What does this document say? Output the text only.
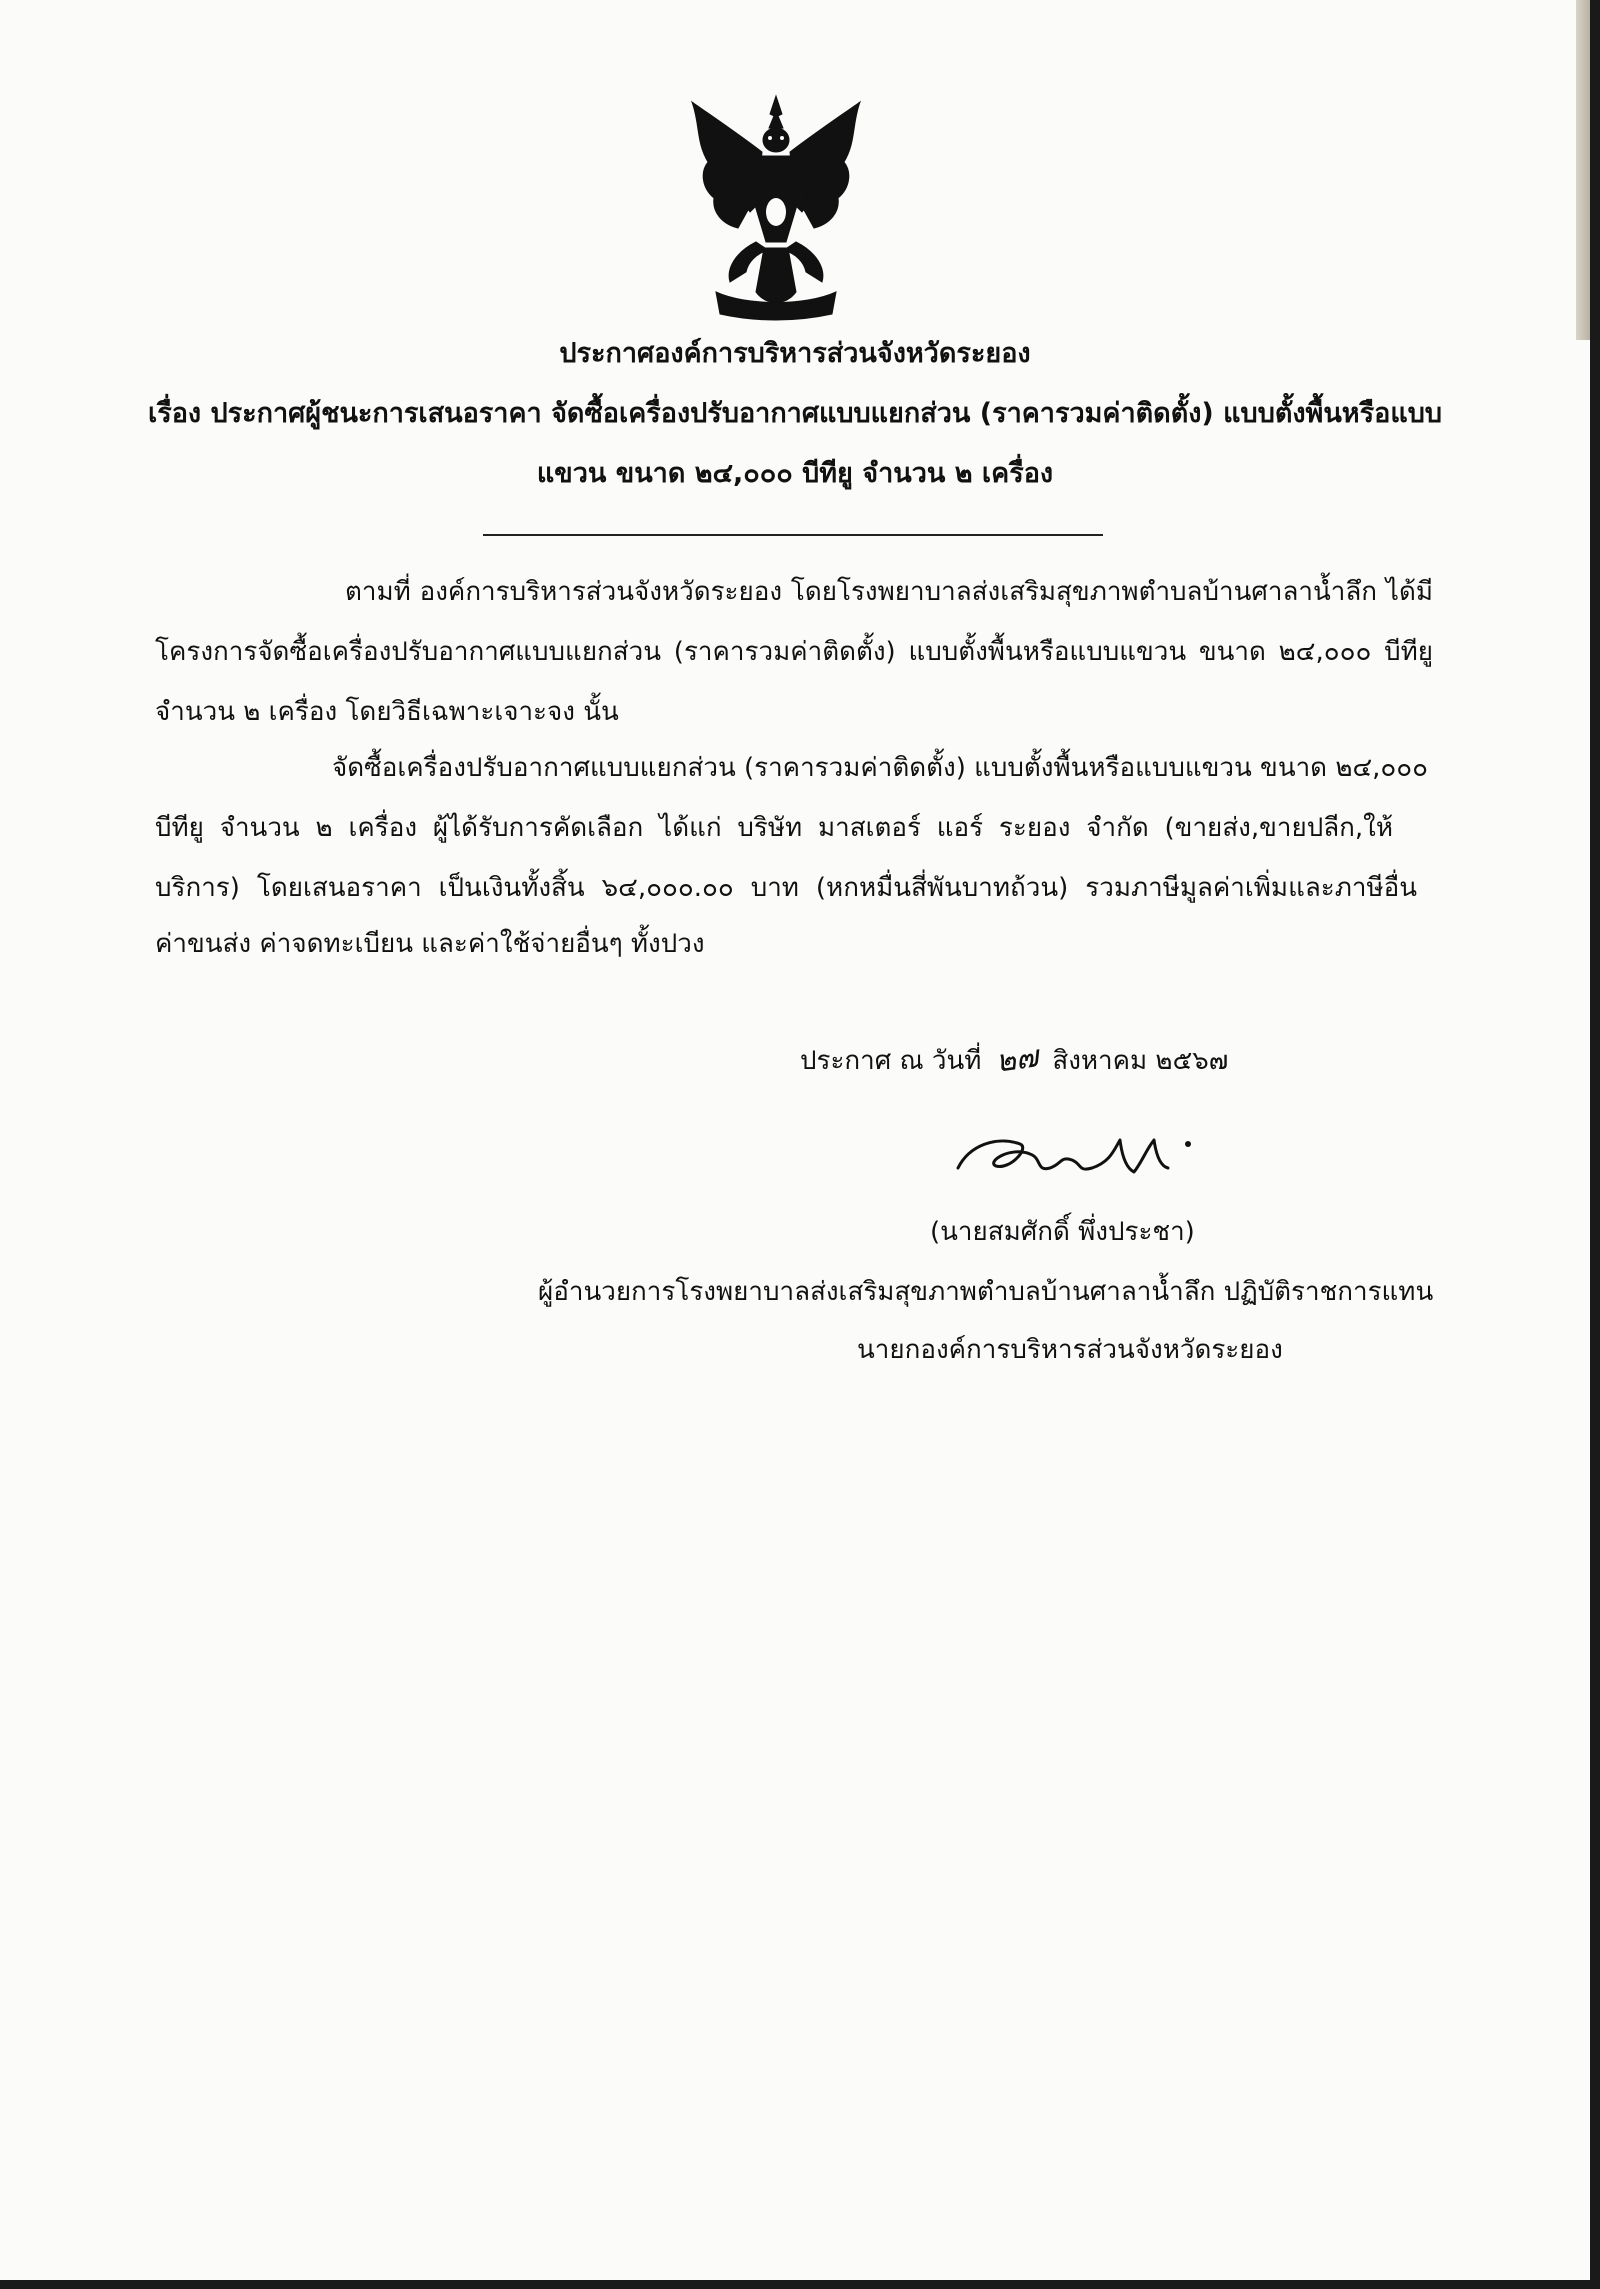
ประกาศองค์การบริหารส่วนจังหวัดระยอง
เรื่อง ประกาศผู้ชนะการเสนอราคา จัดซื้อเครื่องปรับอากาศแบบแยกส่วน (ราคารวมค่าติดตั้ง) แบบตั้งพื้นหรือแบบ
แขวน ขนาด ๒๔,๐๐๐ บีทียู จำนวน ๒ เครื่อง
ตามที่ องค์การบริหารส่วนจังหวัดระยอง โดยโรงพยาบาลส่งเสริมสุขภาพตำบลบ้านศาลาน้ำลึก ได้มี
โครงการจัดซื้อเครื่องปรับอากาศแบบแยกส่วน (ราคารวมค่าติดตั้ง) แบบตั้งพื้นหรือแบบแขวน ขนาด ๒๔,๐๐๐ บีทียู
จำนวน ๒ เครื่อง โดยวิธีเฉพาะเจาะจง นั้น
จัดซื้อเครื่องปรับอากาศแบบแยกส่วน (ราคารวมค่าติดตั้ง) แบบตั้งพื้นหรือแบบแขวน ขนาด ๒๔,๐๐๐
บีทียู จำนวน ๒ เครื่อง ผู้ได้รับการคัดเลือก ได้แก่ บริษัท มาสเตอร์ แอร์ ระยอง จำกัด (ขายส่ง,ขายปลีก,ให้
บริการ) โดยเสนอราคา เป็นเงินทั้งสิ้น ๖๔,๐๐๐.๐๐ บาท (หกหมื่นสี่พันบาทถ้วน) รวมภาษีมูลค่าเพิ่มและภาษีอื่น
ค่าขนส่ง ค่าจดทะเบียน และค่าใช้จ่ายอื่นๆ ทั้งปวง
ประกาศ ณ วันที่ ๒๗ สิงหาคม ๒๕๖๗
(นายสมศักดิ์ พึ่งประชา)
ผู้อำนวยการโรงพยาบาลส่งเสริมสุขภาพตำบลบ้านศาลาน้ำลึก ปฏิบัติราชการแทน
นายกองค์การบริหารส่วนจังหวัดระยอง
